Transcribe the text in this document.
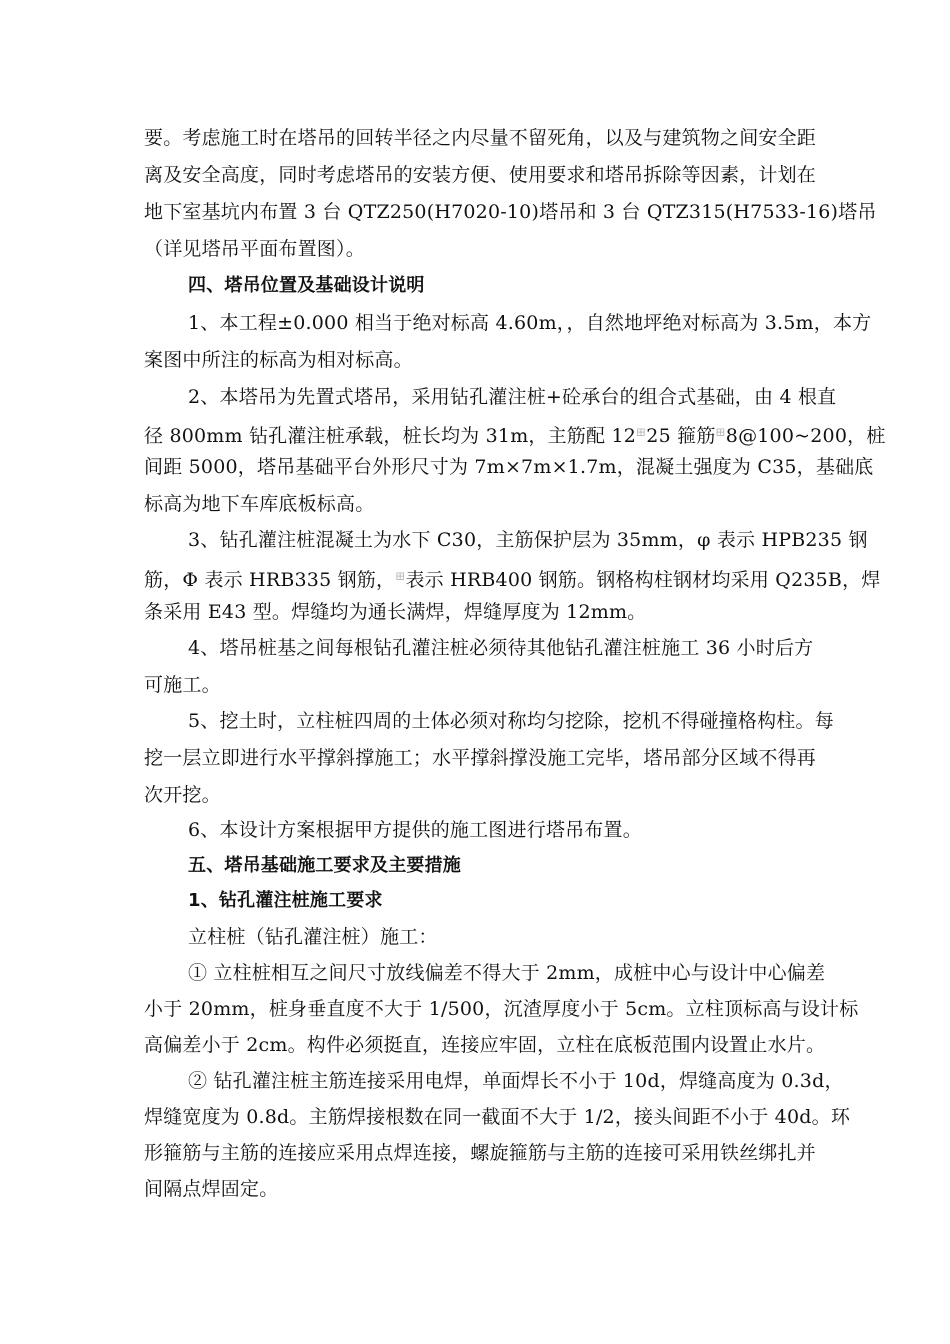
要。考虑施工时在塔吊的回转半径之内尽量不留死角，以及与建筑物之间安全距
离及安全高度，同时考虑塔吊的安装方便、使用要求和塔吊拆除等因素，计划在
地下室基坑内布置 3 台 QTZ250(H7020-10)塔吊和 3 台 QTZ315(H7533-16)塔吊
（详见塔吊平面布置图）。
四、塔吊位置及基础设计说明
1、本工程±0.000 相当于绝对标高 4.60m，，自然地坪绝对标高为 3.5m，本方
案图中所注的标高为相对标高。
2、本塔吊为先置式塔吊，采用钻孔灌注桩+砼承台的组合式基础，由 4 根直
径 800mm 钻孔灌注桩承载，桩长均为 31m，主筋配 12⊞25 箍筋⊞8@100~200，桩
间距 5000，塔吊基础平台外形尺寸为 7m×7m×1.7m，混凝土强度为 C35，基础底
标高为地下车库底板标高。
3、钻孔灌注桩混凝土为水下 C30，主筋保护层为 35mm，φ 表示 HPB235 钢
筋，Φ 表示 HRB335 钢筋，⊞表示 HRB400 钢筋。钢格构柱钢材均采用 Q235B，焊
条采用 E43 型。焊缝均为通长满焊，焊缝厚度为 12mm。
4、塔吊桩基之间每根钻孔灌注桩必须待其他钻孔灌注桩施工 36 小时后方
可施工。
5、挖土时，立柱桩四周的土体必须对称均匀挖除，挖机不得碰撞格构柱。每
挖一层立即进行水平撑斜撑施工；水平撑斜撑没施工完毕，塔吊部分区域不得再
次开挖。
6、本设计方案根据甲方提供的施工图进行塔吊布置。
五、塔吊基础施工要求及主要措施
1、钻孔灌注桩施工要求
立柱桩（钻孔灌注桩）施工：
① 立柱桩相互之间尺寸放线偏差不得大于 2mm，成桩中心与设计中心偏差
小于 20mm，桩身垂直度不大于 1/500，沉渣厚度小于 5cm。立柱顶标高与设计标
高偏差小于 2cm。构件必须挺直，连接应牢固，立柱在底板范围内设置止水片。
② 钻孔灌注桩主筋连接采用电焊，单面焊长不小于 10d，焊缝高度为 0.3d，
焊缝宽度为 0.8d。主筋焊接根数在同一截面不大于 1/2，接头间距不小于 40d。环
形箍筋与主筋的连接应采用点焊连接，螺旋箍筋与主筋的连接可采用铁丝绑扎并
间隔点焊固定。
